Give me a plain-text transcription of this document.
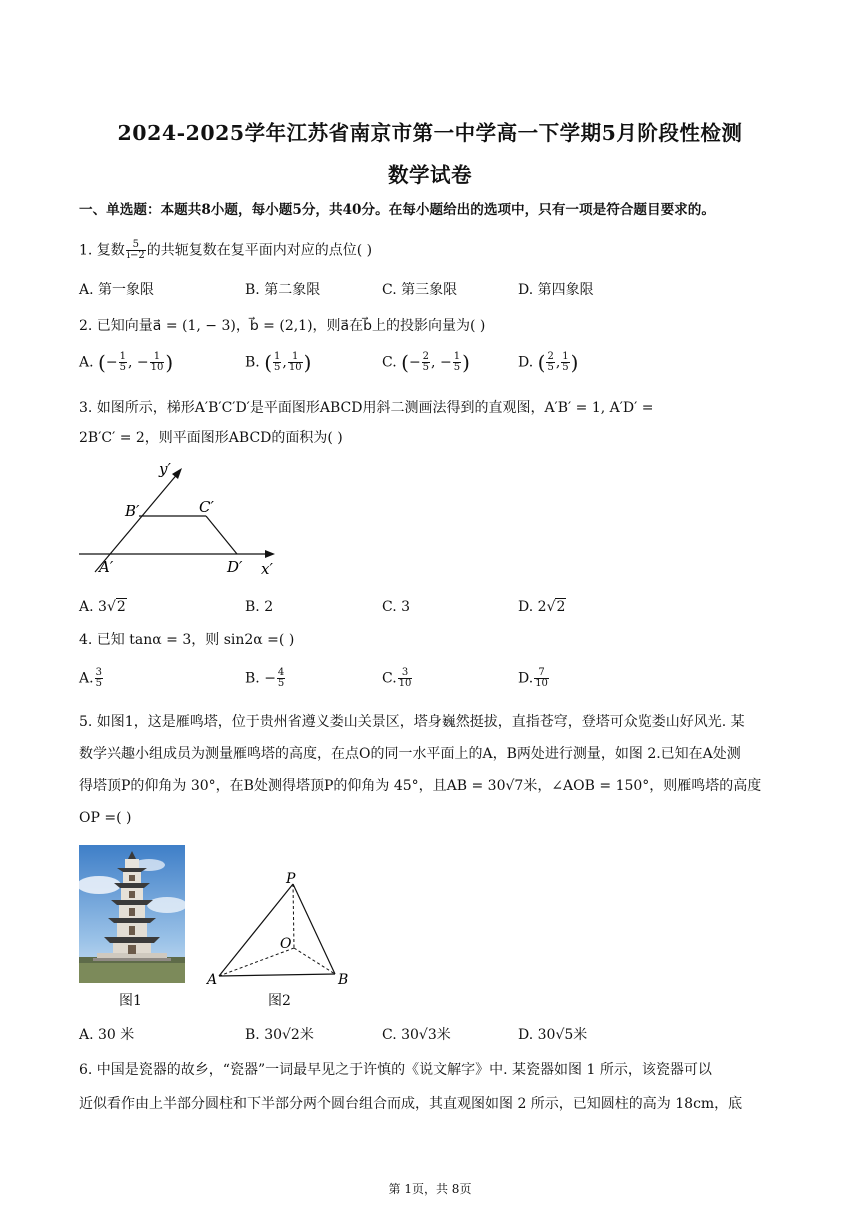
2024-2025学年江苏省南京市第一中学高一下学期5月阶段性检测
数学试卷
一、单选题：本题共8小题，每小题5分，共40分。在每小题给出的选项中，只有一项是符合题目要求的。
1. 复数 $\frac{5}{i-2}$ 的共轭复数在复平面内对应的点位( )
A. 第一象限	B. 第二象限	C. 第三象限	D. 第四象限
2. 已知向量a⃗ = (1, − 3)，b⃗ = (2,1)，则a⃗在b⃗上的投影向量为( )
A. (− $\frac{1}{5}$ , − $\frac{1}{10}$ )	B. ( $\frac{1}{5}$ , $\frac{1}{10}$ )	C. (− $\frac{2}{5}$ , − $\frac{1}{5}$ )	D. ( $\frac{2}{5}$ , $\frac{1}{5}$ )
3. 如图所示，梯形A′B′C′D′是平面图形ABCD用斜二测画法得到的直观图，A′B′ = 1, A′D′ =
2B′C′ = 2，则平面图形ABCD的面积为( )
y′
x′
B′	C′
A′	D′
A. 3√2	B. 2	C. 3	D. 2√2
4. 已知 tanα = 3，则 sin2α =( )
A. $\frac{3}{5}$	B. − $\frac{4}{5}$	C. $\frac{3}{10}$	D. $\frac{7}{10}$
5. 如图1，这是雁鸣塔，位于贵州省遵义娄山关景区，塔身巍然挺拔，直指苍穹，登塔可众览娄山好风光. 某
数学兴趣小组成员为测量雁鸣塔的高度，在点O的同一水平面上的A，B两处进行测量，如图 2.已知在A处测
得塔顶P的仰角为 30°，在B处测得塔顶P的仰角为 45°，且AB = 30√7米，∠AOB = 150°，则雁鸣塔的高度
OP =( )
图1
P
O
A	B
图2
A. 30 米	B. 30√2米	C. 30√3米	D. 30√5米
6. 中国是瓷器的故乡，“瓷器”一词最早见之于许慎的《说文解字》中. 某瓷器如图 1 所示，该瓷器可以
近似看作由上半部分圆柱和下半部分两个圆台组合而成，其直观图如图 2 所示，已知圆柱的高为 18cm，底
第 1页，共 8页
